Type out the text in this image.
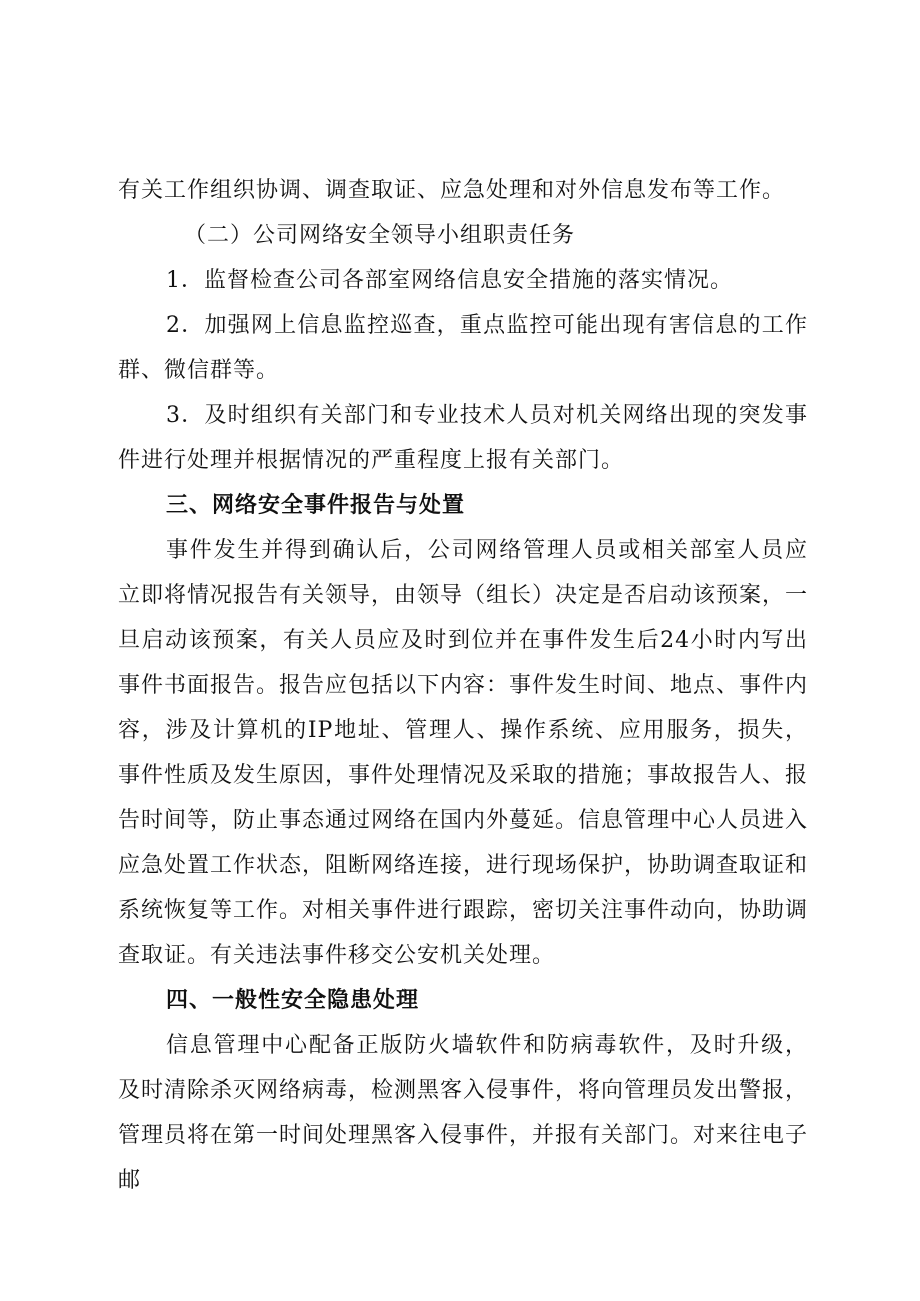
有关工作组织协调、调查取证、应急处理和对外信息发布等工作。

（二）公司网络安全领导小组职责任务

1．监督检查公司各部室网络信息安全措施的落实情况。

2．加强网上信息监控巡查，重点监控可能出现有害信息的工作群、微信群等。

3．及时组织有关部门和专业技术人员对机关网络出现的突发事件进行处理并根据情况的严重程度上报有关部门。

三、网络安全事件报告与处置

事件发生并得到确认后，公司网络管理人员或相关部室人员应立即将情况报告有关领导，由领导（组长）决定是否启动该预案，一旦启动该预案，有关人员应及时到位并在事件发生后24小时内写出事件书面报告。报告应包括以下内容：事件发生时间、地点、事件内容，涉及计算机的IP地址、管理人、操作系统、应用服务，损失，事件性质及发生原因，事件处理情况及采取的措施；事故报告人、报告时间等，防止事态通过网络在国内外蔓延。信息管理中心人员进入应急处置工作状态，阻断网络连接，进行现场保护，协助调查取证和系统恢复等工作。对相关事件进行跟踪，密切关注事件动向，协助调查取证。有关违法事件移交公安机关处理。

四、一般性安全隐患处理

信息管理中心配备正版防火墙软件和防病毒软件，及时升级，及时清除杀灭网络病毒，检测黑客入侵事件，将向管理员发出警报，管理员将在第一时间处理黑客入侵事件，并报有关部门。对来往电子邮
